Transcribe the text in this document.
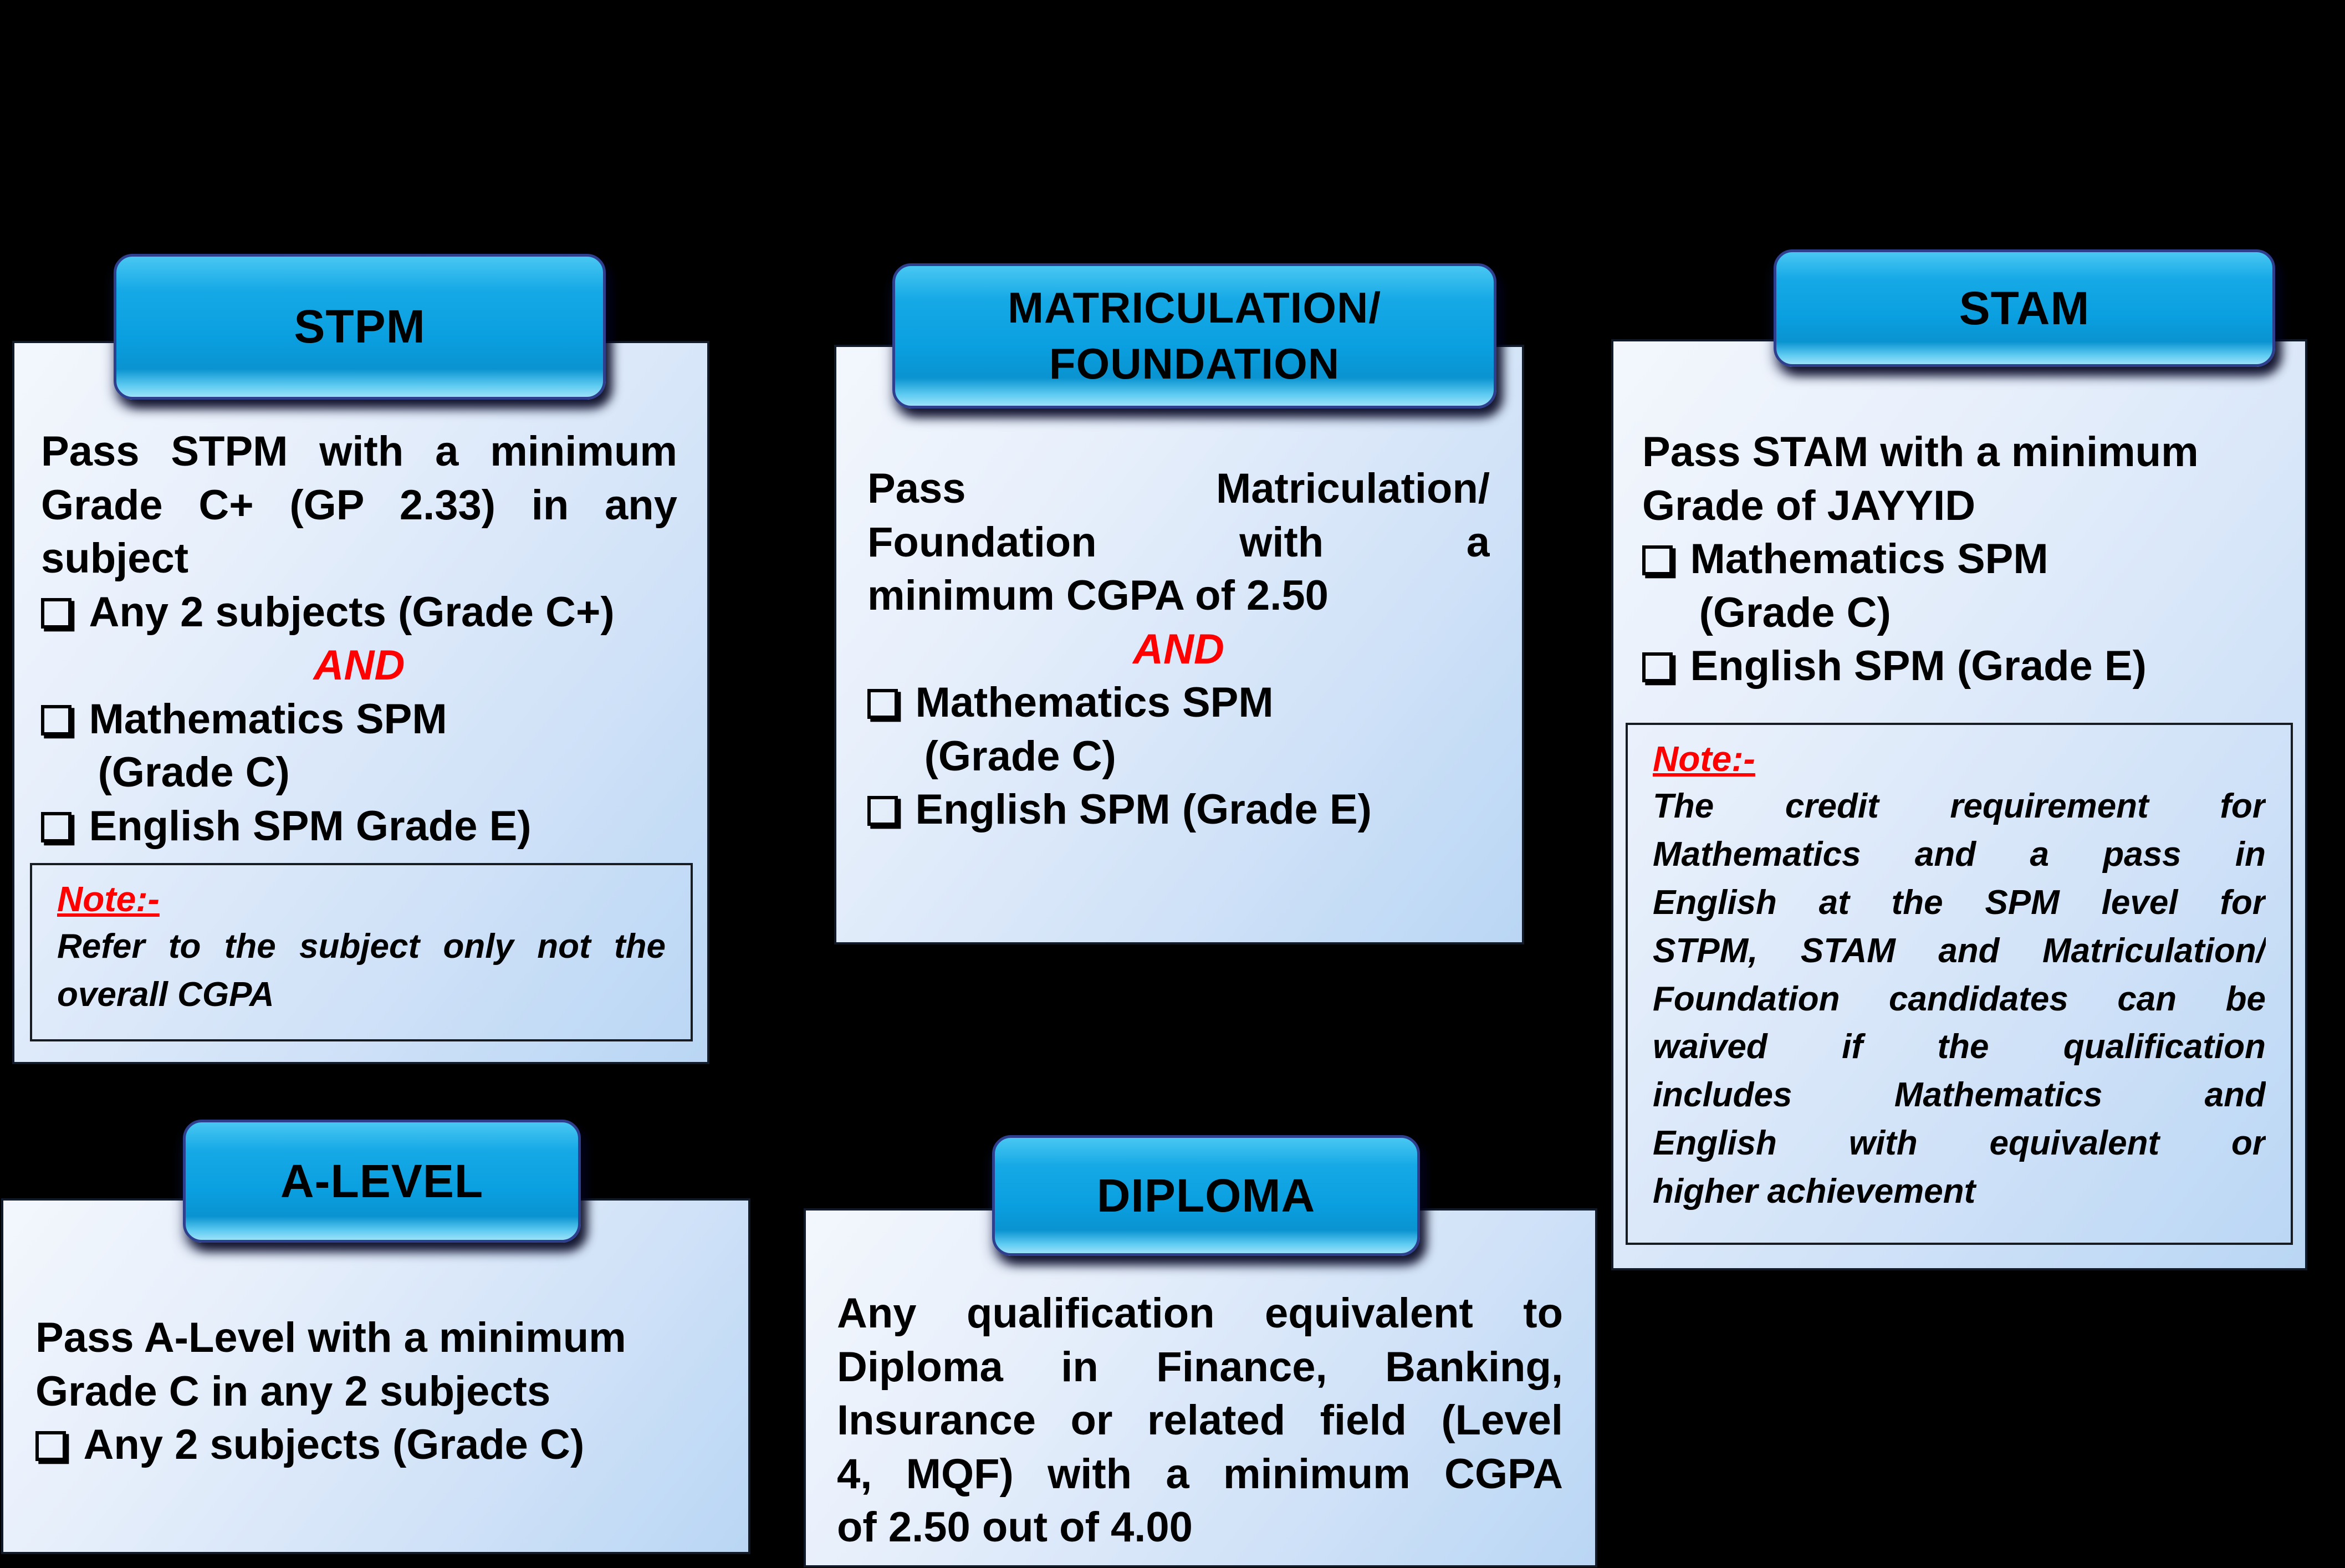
Pass STPM with a minimum
Grade C+ (GP 2.33) in any
subject
Any 2 subjects (Grade C+)
AND
Mathematics SPM
(Grade C)
English SPM Grade E)
Note:-
Refer to the subject only not the
overall CGPA
STPM
Pass Matriculation/
Foundation with a
minimum CGPA of 2.50
AND
Mathematics SPM
(Grade C)
English SPM (Grade E)
MATRICULATION/
FOUNDATION
Pass STAM with a minimum
Grade of JAYYID
Mathematics SPM
(Grade C)
English SPM (Grade E)
Note:-
The credit requirement for
Mathematics and a pass in
English at the SPM level for
STPM, STAM and Matriculation/
Foundation candidates can be
waived if the qualification
includes Mathematics and
English with equivalent or
higher achievement
STAM
Pass A-Level with a minimum
Grade C in any 2 subjects
Any 2 subjects (Grade C)
A-LEVEL
Any qualification equivalent to
Diploma in Finance, Banking,
Insurance or related field (Level
4, MQF) with a minimum CGPA
of 2.50 out of 4.00
DIPLOMA
